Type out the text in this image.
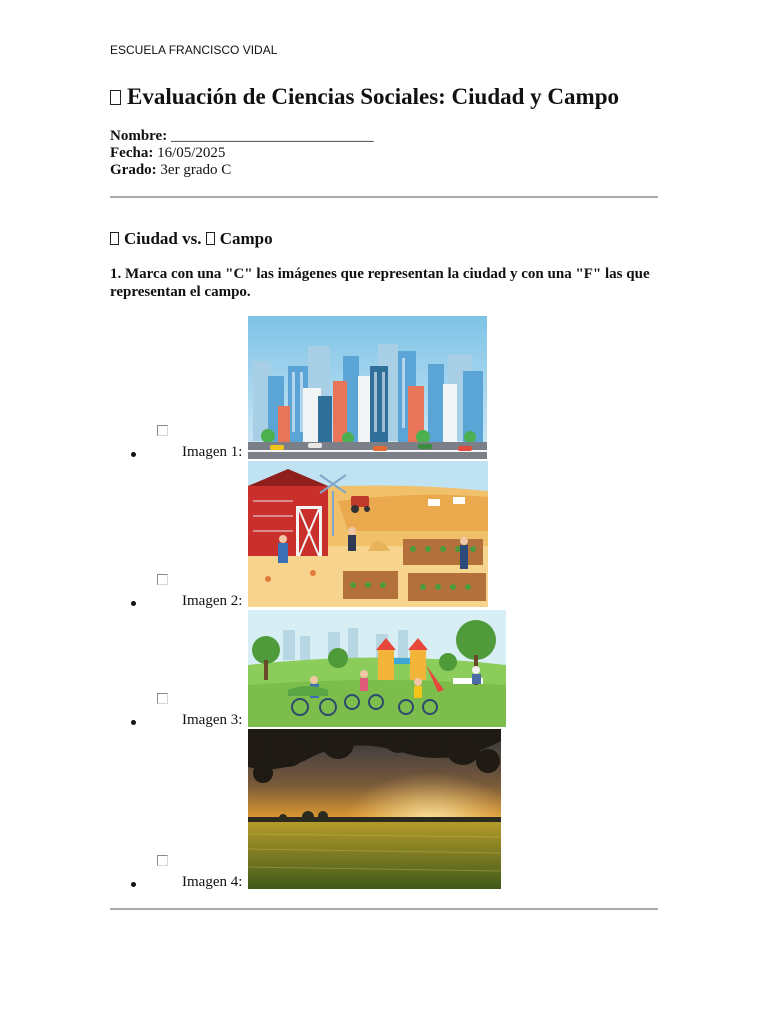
ESCUELA FRANCISCO VIDAL
Evaluación de Ciencias Sociales: Ciudad y Campo
Nombre: ___________________________
Fecha: 16/05/2025
Grado: 3er grado C
Ciudad vs. Campo

1. Marca con una "C" las imágenes que representan la ciudad y con una "F" las que representan el campo.

Imagen 1:
Imagen 2:
Imagen 3:
Imagen 4:
